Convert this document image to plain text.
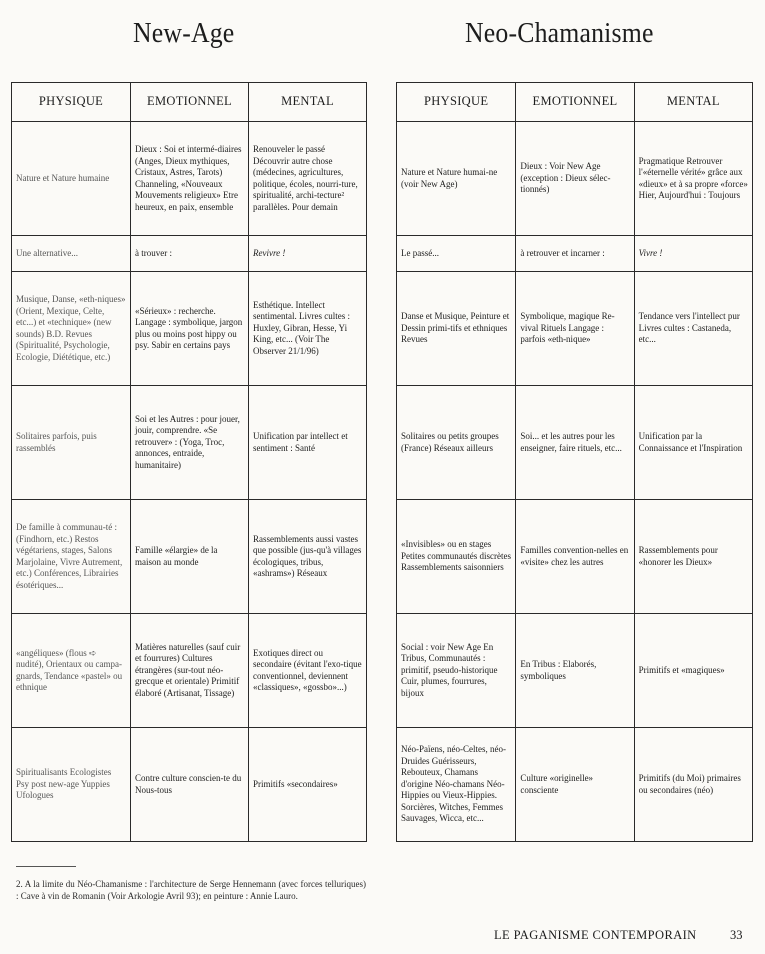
New-Age	Neo-Chamanisme
PHYSIQUE	EMOTIONNEL	MENTAL
Nature et Nature humaine	Dieux : Soi et intermé-diaires (Anges, Dieux mythiques, Cristaux, Astres, Tarots) Channeling, «Nouveaux Mouvements religieux» Etre heureux, en paix, ensemble	Renouveler le passé Découvrir autre chose (médecines, agricultures, politique, écoles, nourri-ture, spiritualité, archi-tecture² parallèles. Pour demain
Une alternative...	à trouver :	Revivre !
Musique, Danse, «eth-niques» (Orient, Mexique, Celte, etc...) et «technique» (new sounds) B.D. Revues (Spiritualité, Psychologie, Ecologie, Diététique, etc.)	«Sérieux» : recherche. Langage : symbolique, jargon plus ou moins post hippy ou psy. Sabir en certains pays	Esthétique. Intellect sentimental. Livres cultes : Huxley, Gibran, Hesse, Yi King, etc... (Voir The Observer 21/1/96)
Solitaires parfois, puis rassemblés	Soi et les Autres : pour jouer, jouir, comprendre. «Se retrouver» : (Yoga, Troc, annonces, entraide, humanitaire)	Unification par intellect et sentiment : Santé
De famille à communau-té : (Findhorn, etc.) Restos végétariens, stages, Salons Marjolaine, Vivre Autrement, etc.) Conférences, Librairies ésotériques...	Famille «élargie» de la maison au monde	Rassemblements aussi vastes que possible (jus-qu'à villages écologiques, tribus, «ashrams») Réseaux
«angéliques» (flous ➪ nudité), Orientaux ou campa-gnards, Tendance «pastel» ou ethnique	Matières naturelles (sauf cuir et fourrures) Cultures étrangères (sur-tout néo-grecque et orientale) Primitif élaboré (Artisanat, Tissage)	Exotiques direct ou secondaire (évitant l'exo-tique conventionnel, deviennent «classiques», «gossbo»...)
Spiritualisants Ecologistes Psy post new-age Yuppies Ufologues	Contre culture conscien-te du Nous-tous	Primitifs «secondaires»
PHYSIQUE	EMOTIONNEL	MENTAL
Nature et Nature humai-ne (voir New Age)	Dieux : Voir New Age (exception : Dieux sélec-tionnés)	Pragmatique Retrouver l'«éternelle vérité» grâce aux «dieux» et à sa propre «force» Hier, Aujourd'hui : Toujours
Le passé...	à retrouver et incarner :	Vivre !
Danse et Musique, Peinture et Dessin primi-tifs et ethniques Revues	Symbolique, magique Re-vival Rituels Langage : parfois «eth-nique»	Tendance vers l'intellect pur Livres cultes : Castaneda, etc...
Solitaires ou petits groupes (France) Réseaux ailleurs	Soi... et les autres pour les enseigner, faire rituels, etc...	Unification par la Connaissance et l'Inspiration
«Invisibles» ou en stages Petites communautés discrètes Rassemblements saisonniers	Familles convention-nelles en «visite» chez les autres	Rassemblements pour «honorer les Dieux»
Social : voir New Age En Tribus, Communautés : primitif, pseudo-historique Cuir, plumes, fourrures, bijoux	En Tribus : Elaborés, symboliques	Primitifs et «magiques»
Néo-Païens, néo-Celtes, néo-Druides Guérisseurs, Rebouteux, Chamans d'origine Néo-chamans Néo-Hippies ou Vieux-Hippies. Sorcières, Witches, Femmes Sauvages, Wicca, etc...	Culture «originelle» consciente	Primitifs (du Moi) primaires ou secondaires (néo)

2. A la limite du Néo-Chamanisme : l'architecture de Serge Hennemann (avec forces telluriques) : Cave à vin de Romanin (Voir Arkologie Avril 93); en peinture : Annie Lauro.

LE PAGANISME CONTEMPORAIN	33
